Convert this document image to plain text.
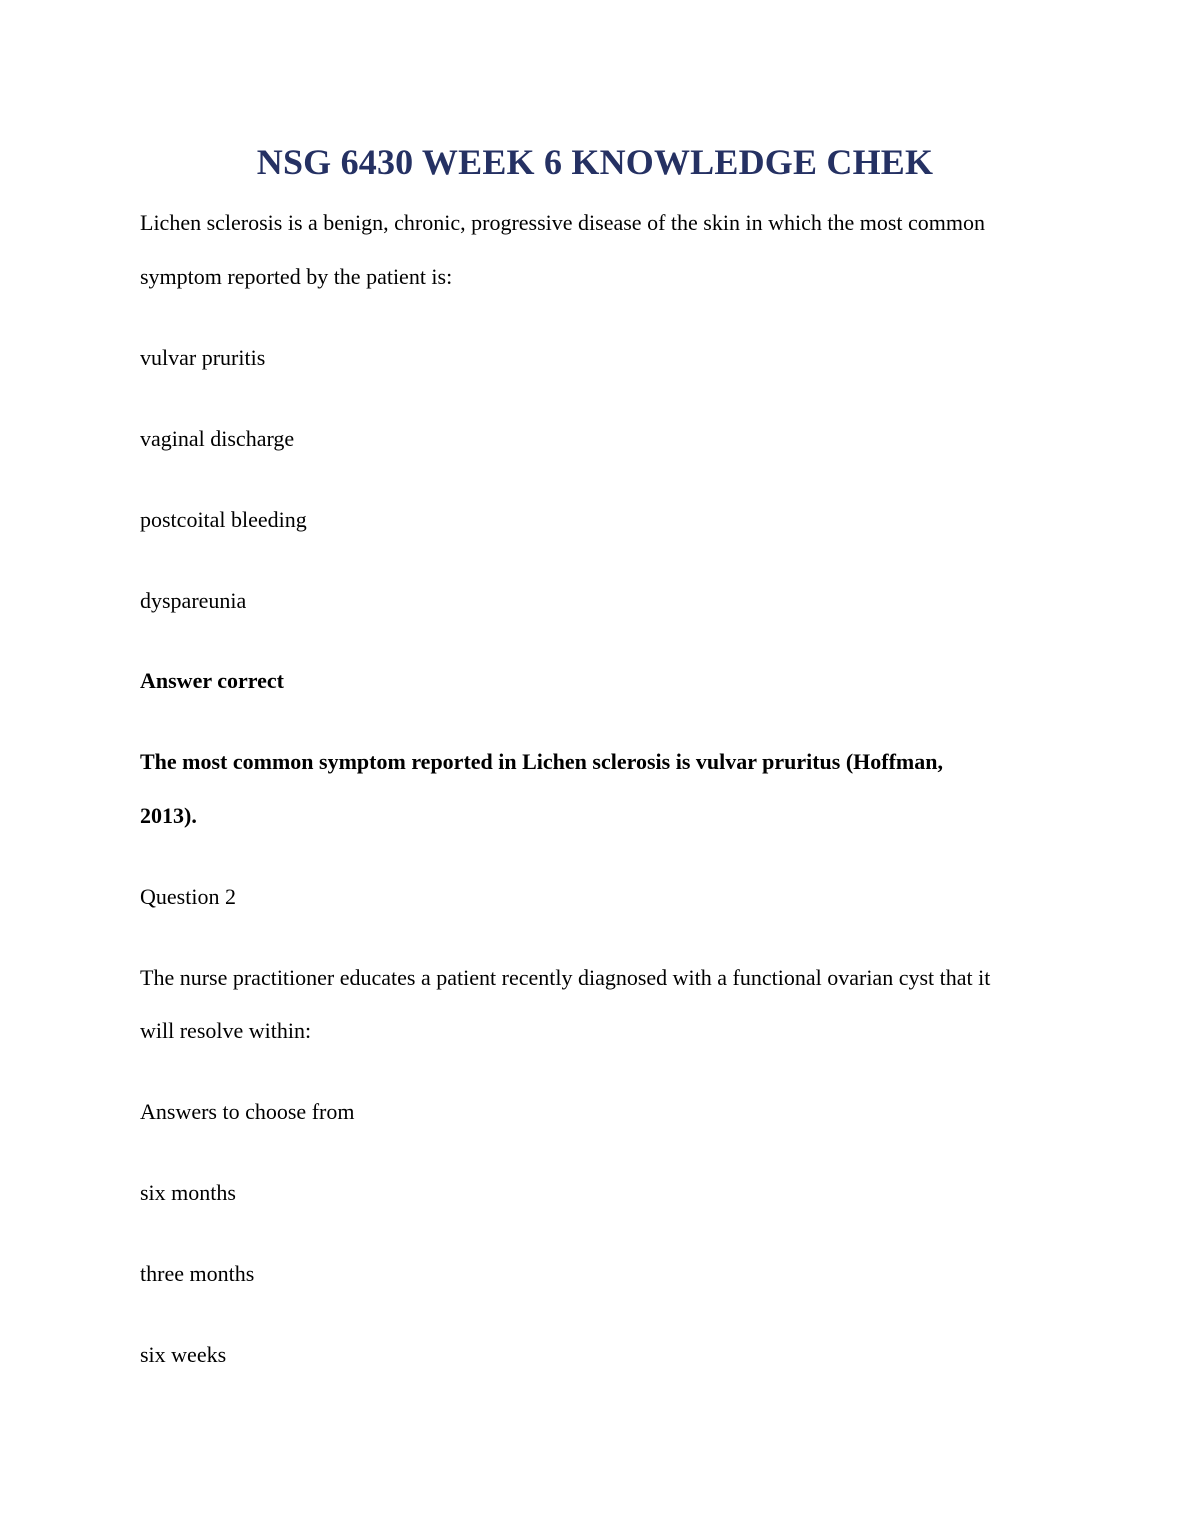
NSG 6430 WEEK 6 KNOWLEDGE CHEK
Lichen sclerosis is a benign, chronic, progressive disease of the skin in which the most common
symptom reported by the patient is:
vulvar pruritis
vaginal discharge
postcoital bleeding
dyspareunia
Answer correct
The most common symptom reported in Lichen sclerosis is vulvar pruritus (Hoffman,
2013).
Question 2
The nurse practitioner educates a patient recently diagnosed with a functional ovarian cyst that it
will resolve within:
Answers to choose from
six months
three months
six weeks
